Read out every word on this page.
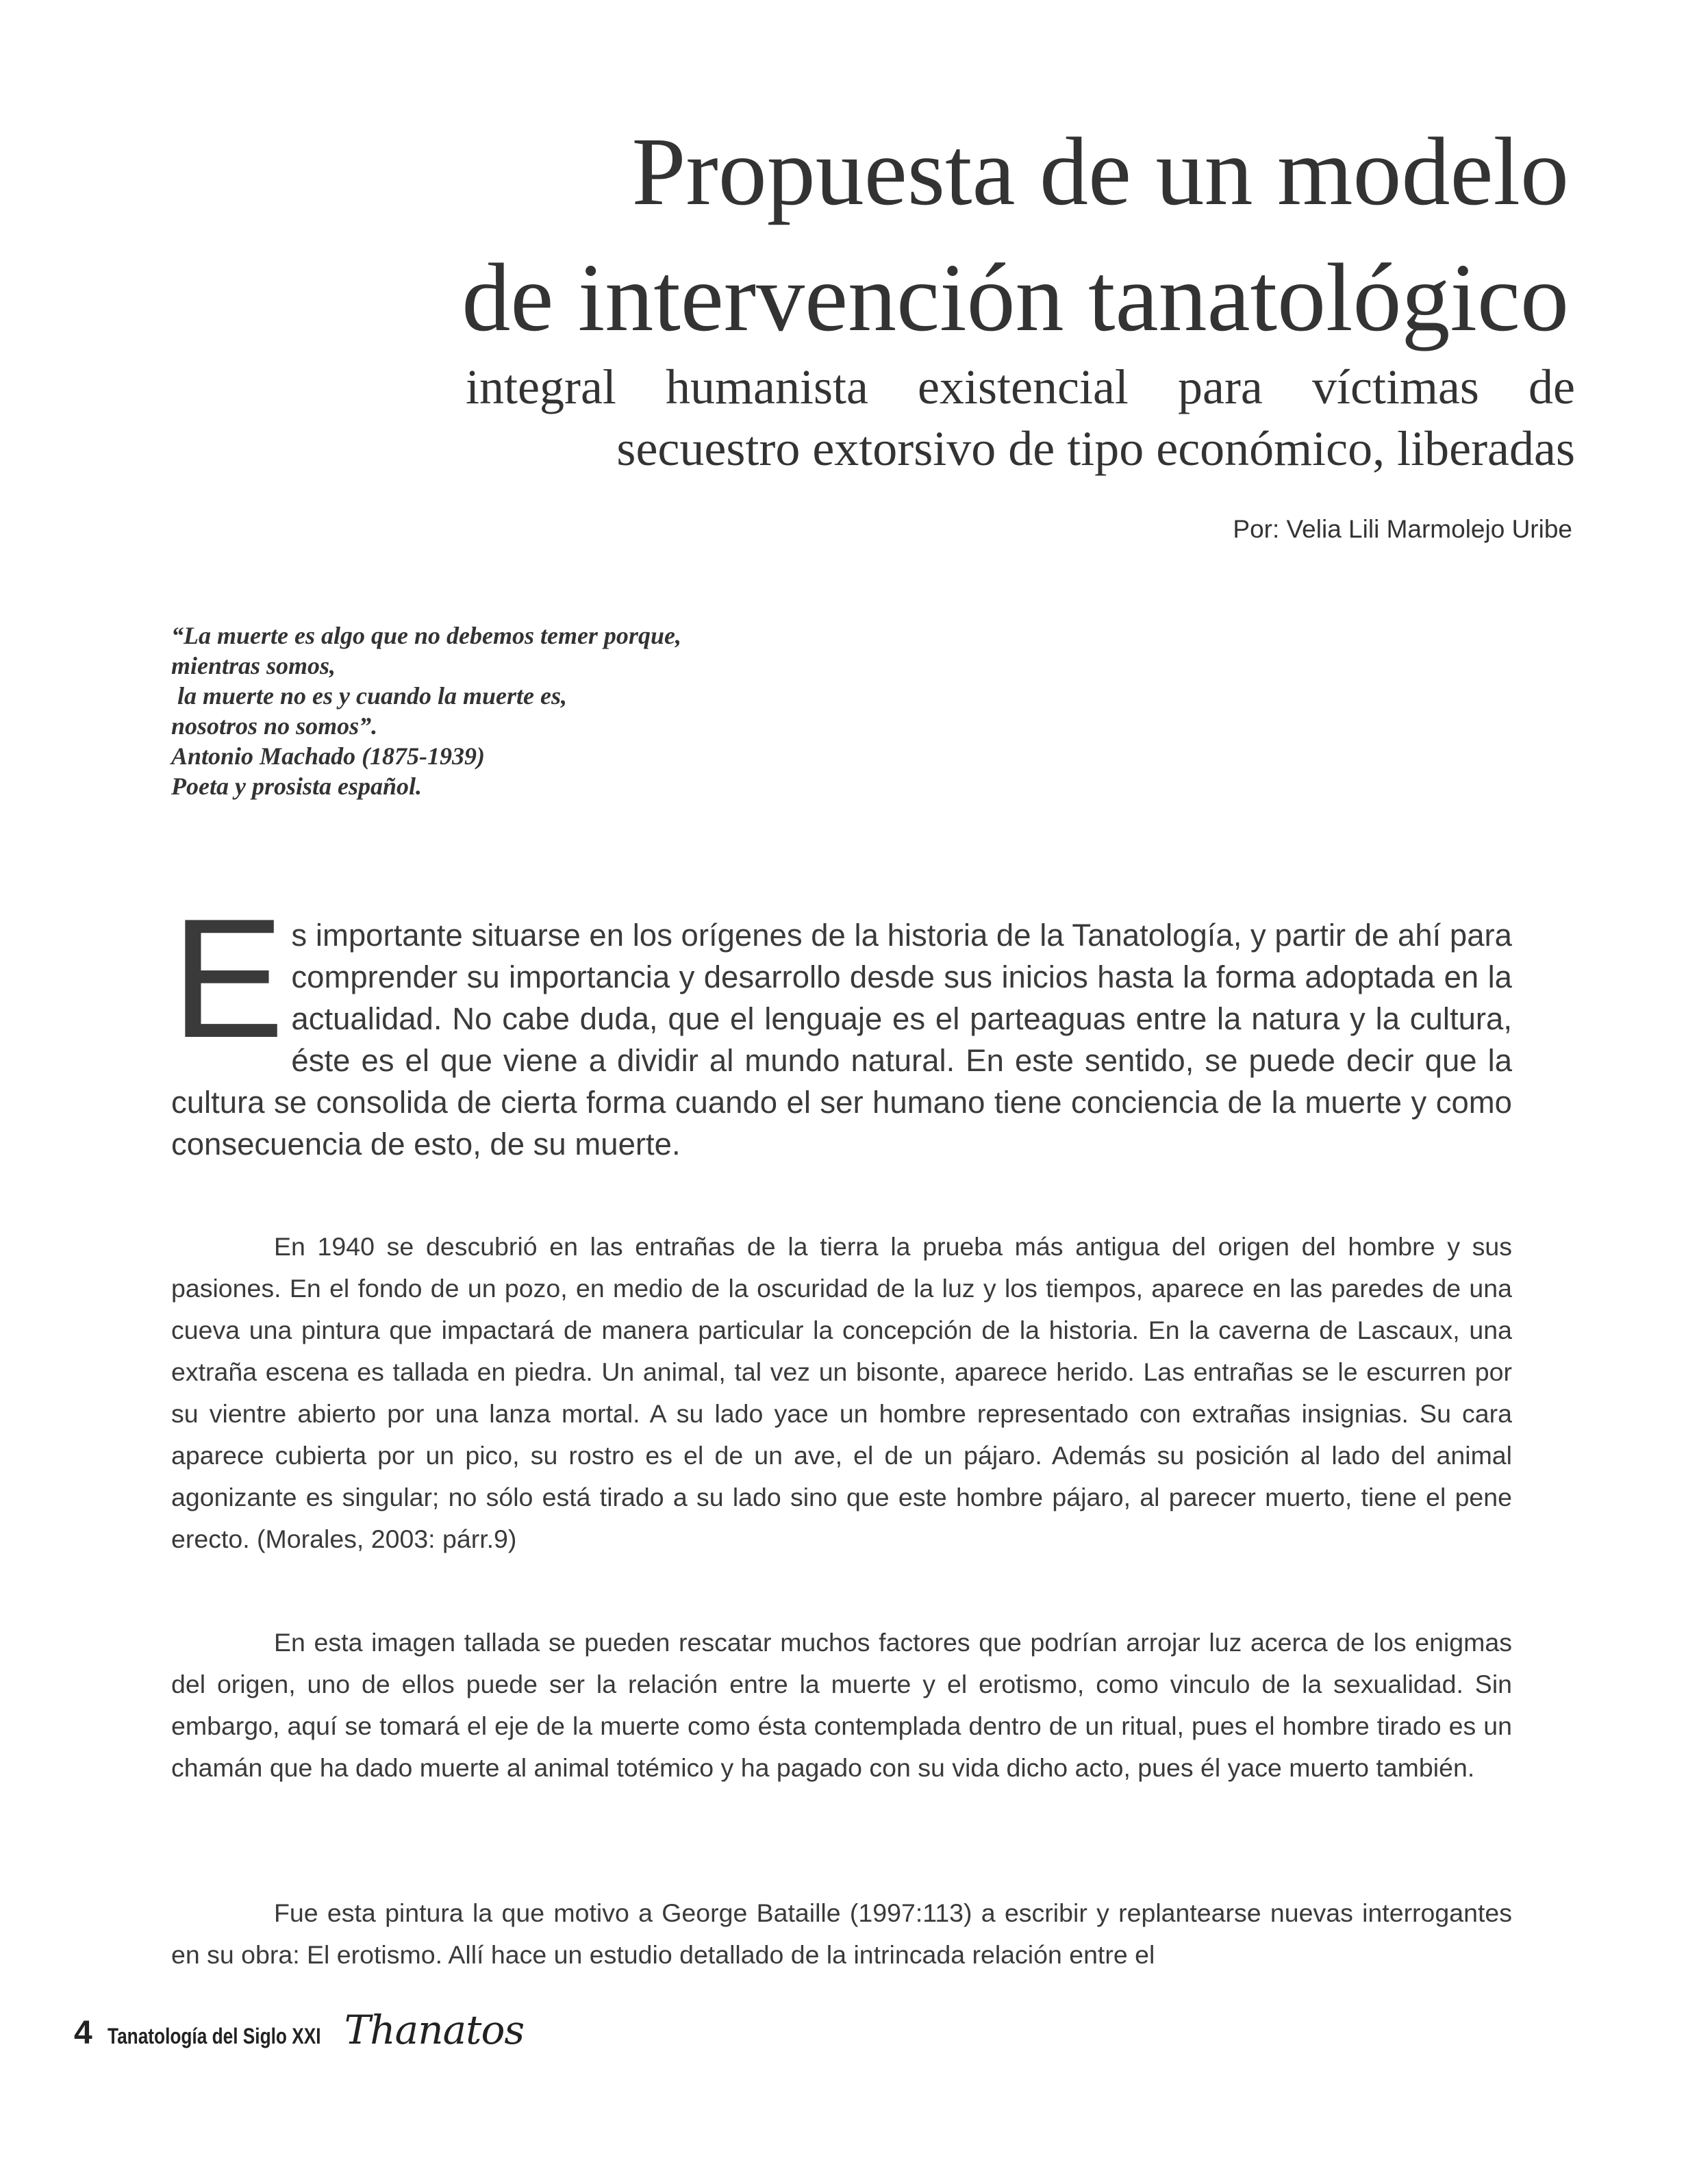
Propuesta de un modelo
de intervención tanatológico

integral humanista existencial para víctimas de secuestro extorsivo de tipo económico, liberadas

Por: Velia Lili Marmolejo Uribe
“La muerte es algo que no debemos temer porque,
mientras somos,
la muerte no es y cuando la muerte es,
nosotros no somos”.
Antonio Machado (1875-1939)
Poeta y prosista español.

Es importante situarse en los orígenes de la historia de la Tanatología, y partir de ahí para comprender su importancia y desarrollo desde sus inicios hasta la forma adoptada en la actualidad. No cabe duda, que el lenguaje es el parteaguas entre la natura y la cultura, éste es el que viene a dividir al mundo natural. En este sentido, se puede decir que la cultura se consolida de cierta forma cuando el ser humano tiene conciencia de la muerte y como consecuencia de esto, de su muerte.

En 1940 se descubrió en las entrañas de la tierra la prueba más antigua del origen del hombre y sus pasiones. En el fondo de un pozo, en medio de la oscuridad de la luz y los tiempos, aparece en las paredes de una cueva una pintura que impactará de manera particular la concepción de la historia. En la caverna de Lascaux, una extraña escena es tallada en piedra. Un animal, tal vez un bisonte, aparece herido. Las entrañas se le escurren por su vientre abierto por una lanza mortal. A su lado yace un hombre representado con extrañas insignias. Su cara aparece cubierta por un pico, su rostro es el de un ave, el de un pájaro. Además su posición al lado del animal agonizante es singular; no sólo está tirado a su lado sino que este hombre pájaro, al parecer muerto, tiene el pene erecto. (Morales, 2003: párr.9)

En esta imagen tallada se pueden rescatar muchos factores que podrían arrojar luz acerca de los enigmas del origen, uno de ellos puede ser la relación entre la muerte y el erotismo, como vinculo de la sexualidad. Sin embargo, aquí se tomará el eje de la muerte como ésta contemplada dentro de un ritual, pues el hombre tirado es un chamán que ha dado muerte al animal totémico y ha pagado con su vida dicho acto, pues él yace muerto también.

Fue esta pintura la que motivo a George Bataille (1997:113) a escribir y replantearse nuevas interrogantes en su obra: El erotismo. Allí hace un estudio detallado de la intrincada relación entre el

4 Tanatología del Siglo XXI Thanatos
